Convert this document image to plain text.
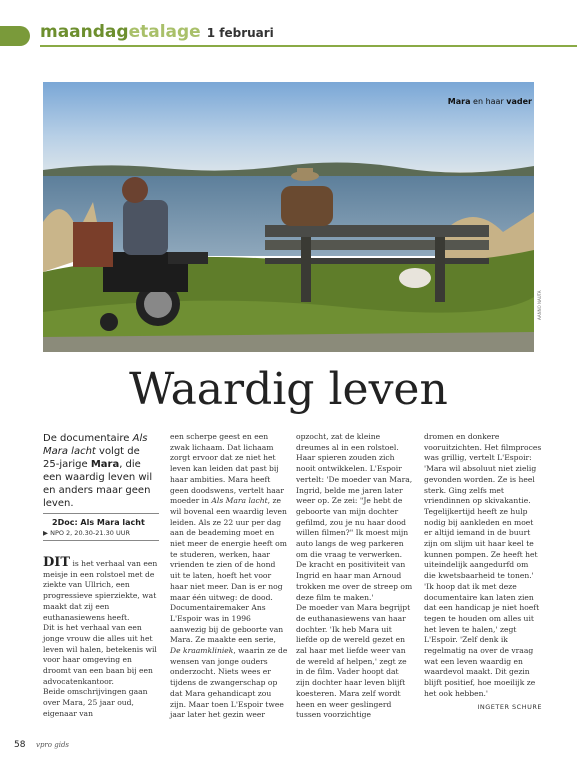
maandagetalage 1 februari
Mara en haar vader
AANNO NAUTA
Waardig leven
De documentaire Als Mara lacht volgt de 25-jarige Mara, die een waardig leven wil en anders maar geen leven.
2Doc: Als Mara lacht
▶ NPO 2, 20.30-21.30 UUR

DIT is het verhaal van een meisje in een rolstoel met de ziekte van Ullrich, een progressieve spierziekte, wat maakt dat zij een euthanasiewens heeft.

Dit is het verhaal van een jonge vrouw die alles uit het leven wil halen, betekenis wil voor haar omgeving en droomt van een baan bij een advocatenkantoor.

Beide omschrijvingen gaan over Mara, 25 jaar oud, eigenaar van

een scherpe geest en een zwak lichaam. Dat lichaam zorgt ervoor dat ze niet het leven kan leiden dat past bij haar ambities. Mara heeft geen doodswens, vertelt haar moeder in Als Mara lacht, ze wil bovenal een waardig leven leiden. Als ze 22 uur per dag aan de beademing moet en niet meer de energie heeft om te studeren, werken, haar vrienden te zien of de hond uit te laten, hoeft het voor haar niet meer. Dan is er nog maar één uitweg: de dood. Documentairemaker Ans L'Espoir was in 1996 aanwezig bij de geboorte van Mara. Ze maakte een serie, De kraamkliniek, waarin ze de wensen van jonge ouders onderzocht. Niets wees er tijdens de zwangerschap op dat Mara gehandicapt zou zijn. Maar toen L'Espoir twee jaar later het gezin weer

opzocht, zat de kleine dreumes al in een rolstoel. Haar spieren zouden zich nooit ontwikkelen. L'Espoir vertelt: 'De moeder van Mara, Ingrid, belde me jaren later weer op. Ze zei: "Je hebt de geboorte van mijn dochter gefilmd, zou je nu haar dood willen filmen?" Ik moest mijn auto langs de weg parkeren om die vraag te verwerken. De kracht en positiviteit van Ingrid en haar man Arnoud trokken me over de streep om deze film te maken.'

De moeder van Mara begrijpt de euthanasiewens van haar dochter. 'Ik heb Mara uit liefde op de wereld gezet en zal haar met liefde weer van de wereld af helpen,' zegt ze in de film. Vader hoopt dat zijn dochter haar leven blijft koesteren. Mara zelf wordt heen en weer geslingerd tussen voorzichtige

dromen en donkere vooruitzichten. Het filmproces was grillig, vertelt L'Espoir: 'Mara wil absoluut niet zielig gevonden worden. Ze is heel sterk. Ging zelfs met vriendinnen op skivakantie. Tegelijkertijd heeft ze hulp nodig bij aankleden en moet er altijd iemand in de buurt zijn om slijm uit haar keel te kunnen pompen. Ze heeft het uiteindelijk aangedurfd om die kwetsbaarheid te tonen.'

'Ik hoop dat ik met deze documentaire kan laten zien dat een handicap je niet hoeft tegen te houden om alles uit het leven te halen,' zegt L'Espoir. 'Zelf denk ik regelmatig na over de vraag wat een leven waardig en waardevol maakt. Dit gezin blijft positief, hoe moeilijk ze het ook hebben.'

INGETER SCHURE
58 vpro gids
